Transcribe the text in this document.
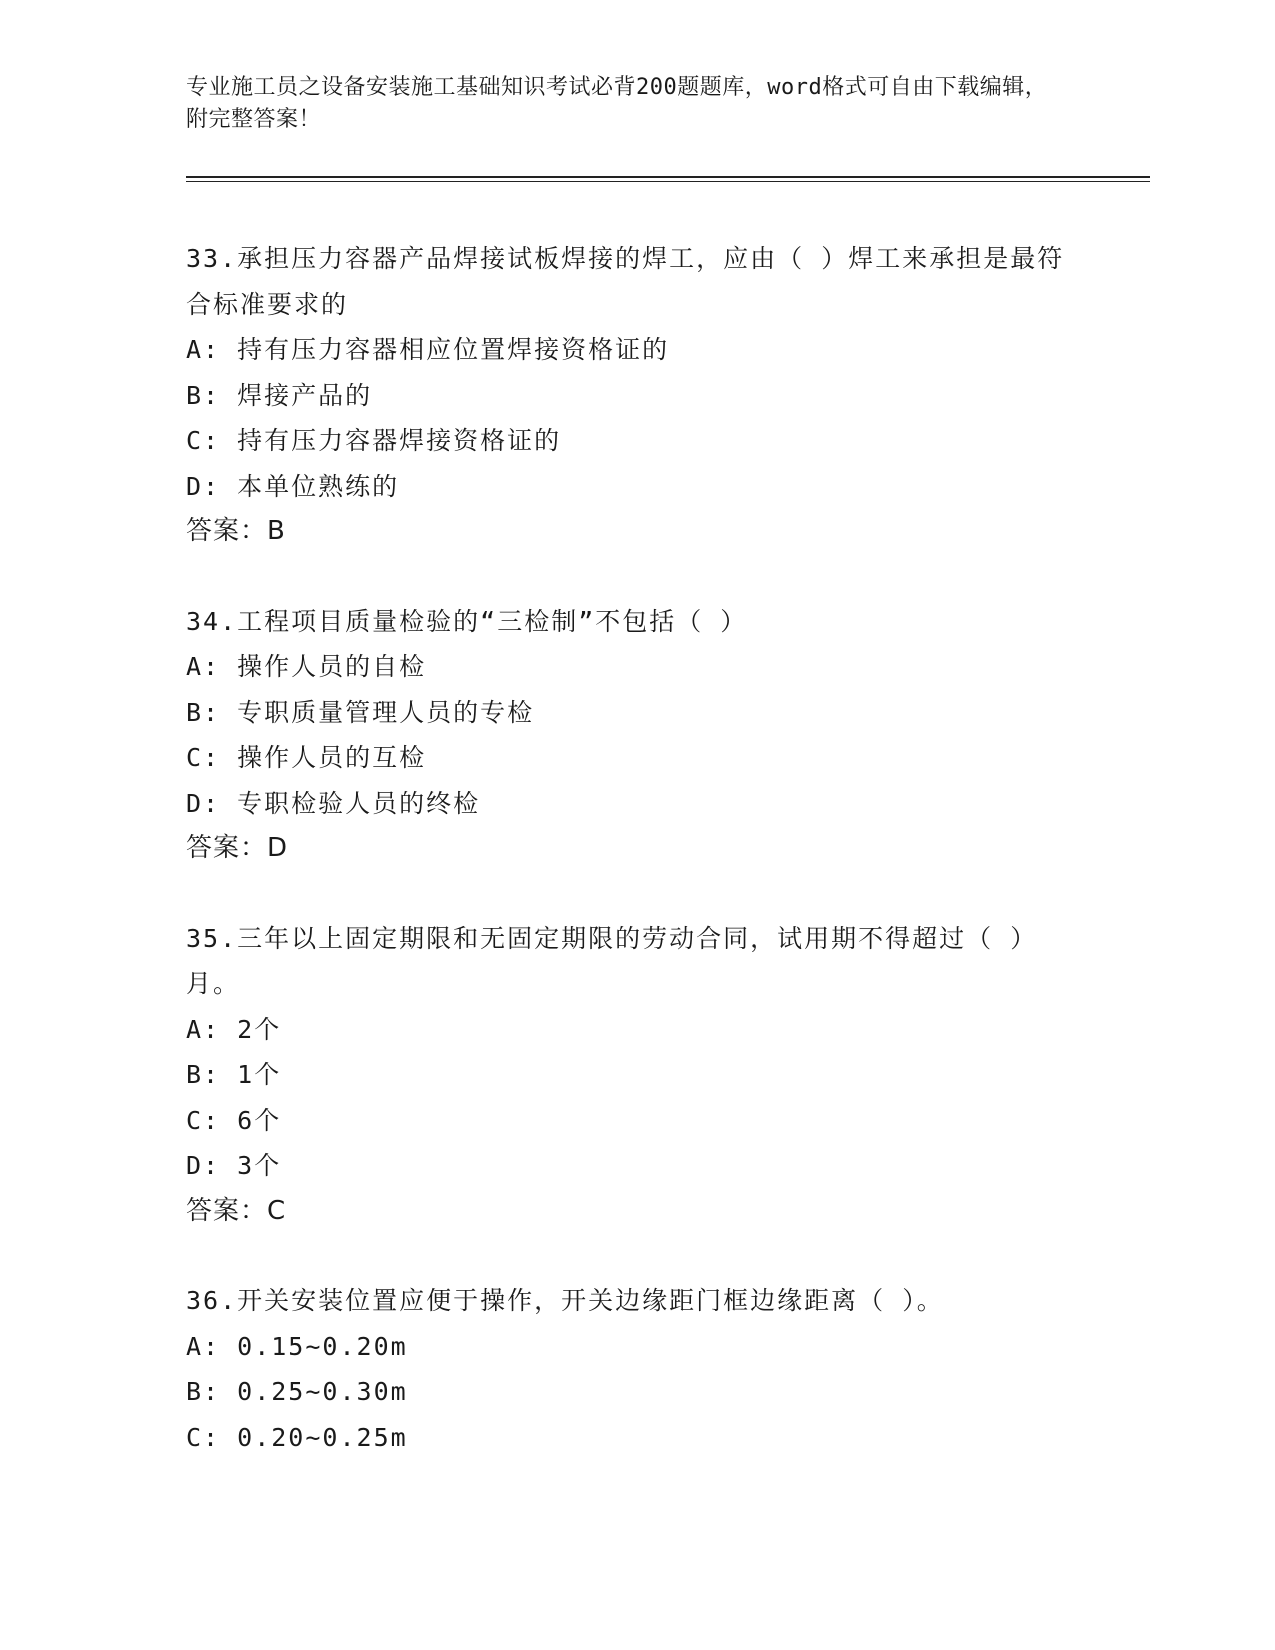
专业施工员之设备安装施工基础知识考试必背200题题库，word格式可自由下载编辑，附完整答案！
33.承担压力容器产品焊接试板焊接的焊工，应由（ ）焊工来承担是最符合标准要求的
A: 持有压力容器相应位置焊接资格证的
B: 焊接产品的
C: 持有压力容器焊接资格证的
D: 本单位熟练的
答案：B
34.工程项目质量检验的“三检制”不包括（ ）
A: 操作人员的自检
B: 专职质量管理人员的专检
C: 操作人员的互检
D: 专职检验人员的终检
答案：D
35.三年以上固定期限和无固定期限的劳动合同，试用期不得超过（ ）月。
A: 2个
B: 1个
C: 6个
D: 3个
答案：C
36.开关安装位置应便于操作，开关边缘距门框边缘距离（ ）。
A: 0.15~0.20m
B: 0.25~0.30m
C: 0.20~0.25m
